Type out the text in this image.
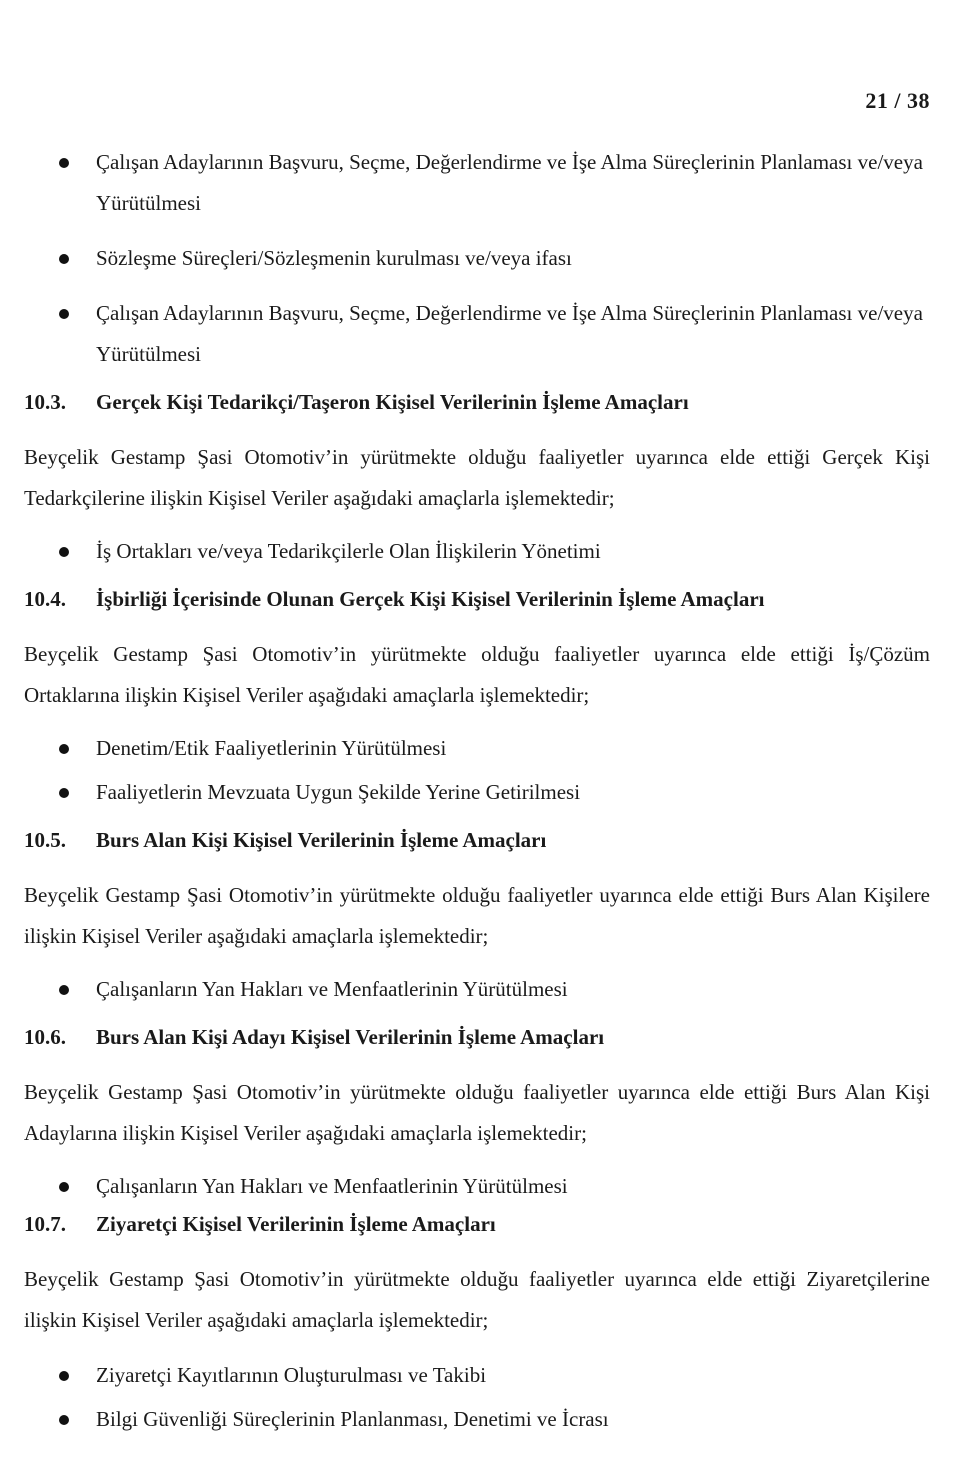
21 / 38
Çalışan Adaylarının Başvuru, Seçme, Değerlendirme ve İşe Alma Süreçlerinin Planlaması ve/veya Yürütülmesi
Sözleşme Süreçleri/Sözleşmenin kurulması ve/veya ifası
Çalışan Adaylarının Başvuru, Seçme, Değerlendirme ve İşe Alma Süreçlerinin Planlaması ve/veya Yürütülmesi
10.3.	Gerçek Kişi Tedarikçi/Taşeron Kişisel Verilerinin İşleme Amaçları

Beyçelik Gestamp Şasi Otomotiv’in yürütmekte olduğu faaliyetler uyarınca elde ettiği Gerçek Kişi Tedarkçilerine ilişkin Kişisel Veriler aşağıdaki amaçlarla işlemektedir;

İş Ortakları ve/veya Tedarikçilerle Olan İlişkilerin Yönetimi
10.4.	İşbirliği İçerisinde Olunan Gerçek Kişi Kişisel Verilerinin İşleme Amaçları

Beyçelik Gestamp Şasi Otomotiv’in yürütmekte olduğu faaliyetler uyarınca elde ettiği İş/Çözüm Ortaklarına ilişkin Kişisel Veriler aşağıdaki amaçlarla işlemektedir;

Denetim/Etik Faaliyetlerinin Yürütülmesi
Faaliyetlerin Mevzuata Uygun Şekilde Yerine Getirilmesi
10.5.	Burs Alan Kişi Kişisel Verilerinin İşleme Amaçları

Beyçelik Gestamp Şasi Otomotiv’in yürütmekte olduğu faaliyetler uyarınca elde ettiği Burs Alan Kişilere ilişkin Kişisel Veriler aşağıdaki amaçlarla işlemektedir;

Çalışanların Yan Hakları ve Menfaatlerinin Yürütülmesi
10.6.	Burs Alan Kişi Adayı Kişisel Verilerinin İşleme Amaçları

Beyçelik Gestamp Şasi Otomotiv’in yürütmekte olduğu faaliyetler uyarınca elde ettiği Burs Alan Kişi Adaylarına ilişkin Kişisel Veriler aşağıdaki amaçlarla işlemektedir;

Çalışanların Yan Hakları ve Menfaatlerinin Yürütülmesi
10.7.	Ziyaretçi Kişisel Verilerinin İşleme Amaçları

Beyçelik Gestamp Şasi Otomotiv’in yürütmekte olduğu faaliyetler uyarınca elde ettiği Ziyaretçilerine ilişkin Kişisel Veriler aşağıdaki amaçlarla işlemektedir;

Ziyaretçi Kayıtlarının Oluşturulması ve Takibi
Bilgi Güvenliği Süreçlerinin Planlanması, Denetimi ve İcrası
